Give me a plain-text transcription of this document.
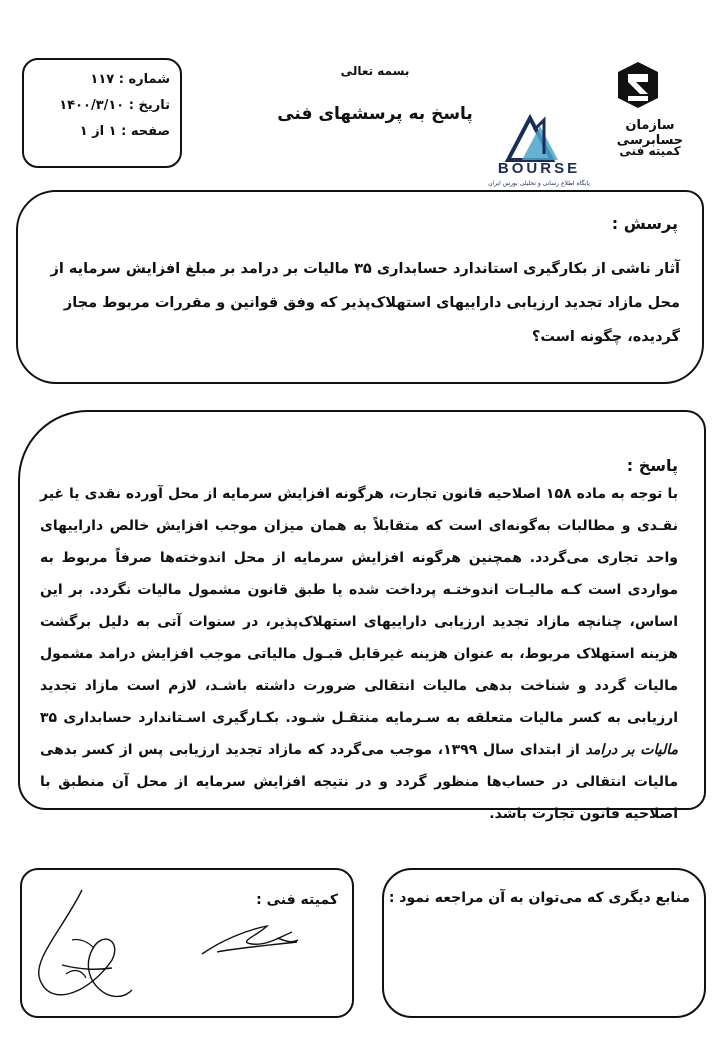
شماره : ۱۱۷
تاریخ : ۱۴۰۰/۳/۱۰
صفحه : ۱ از ۱
بسمه تعالی
پاسخ به پرسشهای فنی
BOURSE
پایگاه اطلاع رسانی و تحلیلی بورس ایران
سازمان حسابرسی
کمیته فنی
پرسش :
آثار ناشی از بکارگیری استاندارد حسابداری ۳۵ مالیات بر درامد بر مبلغ افزایش سرمایه از محل مازاد تجدید ارزیابی داراییهای استهلاک‌پذیر که وفق قوانین و مقررات مربوط مجاز گردیده، چگونه است؟
پاسخ :
با توجه به ماده ۱۵۸ اصلاحیه قانون تجارت، هرگونه افزایش سرمایه از محل آورده نقدی یا غیر نقـدی و مطالبات به‌گونه‌ای است که متقابلاً به همان میزان موجب افزایش خالص داراییهای واحد تجاری می‌گردد. همچنین هرگونه افزایش سرمایه از محل اندوخته‌ها صرفاً مربوط به مواردی است کـه مالیـات اندوختـه پرداخت شده یا طبق قانون مشمول مالیات نگردد. بر این اساس، چنانچه مازاد تجدید ارزیابی داراییهای استهلاک‌پذیر، در سنوات آتی به دلیل برگشت هزینه استهلاک مربوط، به عنوان هزینه غیرقابل قبـول مالیاتی موجب افزایش درامد مشمول مالیات گردد و شناخت بدهی مالیات انتقالی ضرورت داشته باشـد، لازم است مازاد تجدید ارزیابی به کسر مالیات متعلقه به سـرمایه منتقـل شـود. بکـارگیری اسـتاندارد حسابداری ۳۵ مالیات بر درامد از ابتدای سال ۱۳۹۹، موجب می‌گردد که مازاد تجدید ارزیابی پس از کسر بدهی مالیات انتقالی در حساب‌ها منظور گردد و در نتیجه افزایش سرمایه از محل آن منطبق با اصلاحیه قانون تجارت باشد.
کمیته فنی :	منابع دیگری که می‌توان به آن مراجعه نمود :
